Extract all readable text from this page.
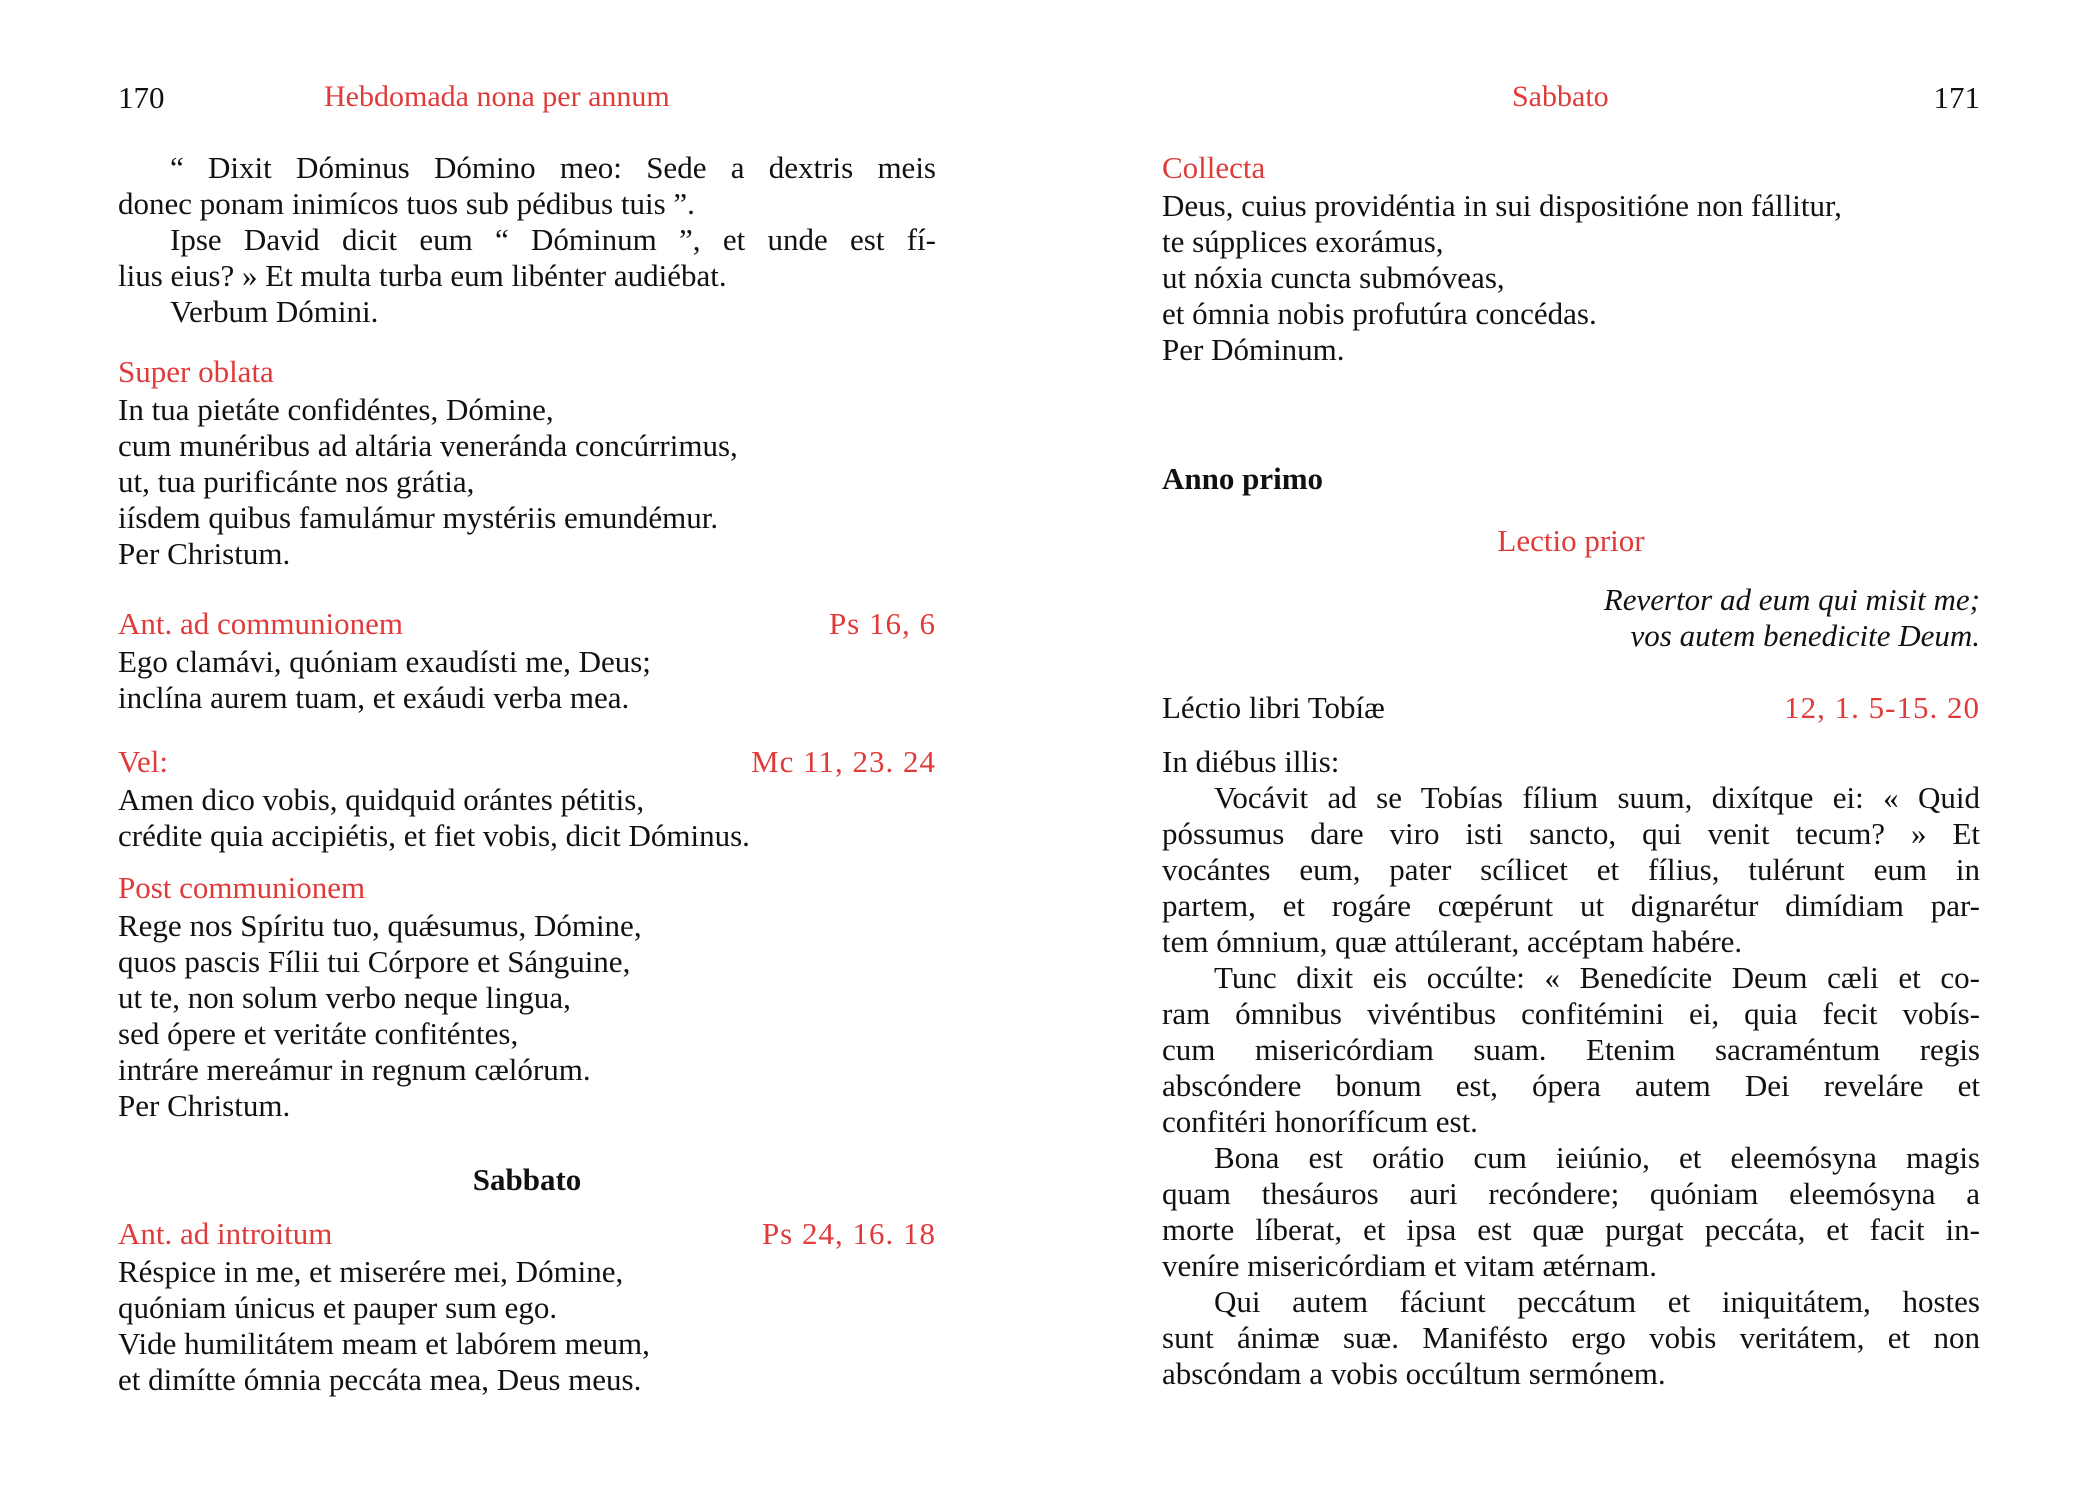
170	Hebdomada nona per annum
“ Dixit Dóminus Dómino meo: Sede a dextris meis
donec ponam inimícos tuos sub pédibus tuis ”.
Ipse David dicit eum “ Dóminum ”, et unde est fí-
lius eius? » Et multa turba eum libénter audiébat.
Verbum Dómini.
Super oblata
In tua pietáte confidéntes, Dómine,
cum munéribus ad altária veneránda concúrrimus,
ut, tua purificánte nos grátia,
iísdem quibus famulámur mystériis emundémur.
Per Christum.
Ant. ad communionem	Ps 16, 6
Ego clamávi, quóniam exaudísti me, Deus;
inclína aurem tuam, et exáudi verba mea.
Vel:	Mc 11, 23. 24
Amen dico vobis, quidquid orántes pétitis,
crédite quia accipiétis, et fiet vobis, dicit Dóminus.
Post communionem
Rege nos Spíritu tuo, quǽsumus, Dómine,
quos pascis Fílii tui Córpore et Sánguine,
ut te, non solum verbo neque lingua,
sed ópere et veritáte confiténtes,
intráre mereámur in regnum cælórum.
Per Christum.
Sabbato
Ant. ad introitum	Ps 24, 16. 18
Réspice in me, et miserére mei, Dómine,
quóniam únicus et pauper sum ego.
Vide humilitátem meam et labórem meum,
et dimítte ómnia peccáta mea, Deus meus.
Sabbato	171
Collecta
Deus, cuius providéntia in sui dispositióne non fállitur,
te súpplices exorámus,
ut nóxia cuncta submóveas,
et ómnia nobis profutúra concédas.
Per Dóminum.
Anno primo
Lectio prior
Revertor ad eum qui misit me;
vos autem benedicite Deum.
Léctio libri Tobíæ	12, 1. 5-15. 20
In diébus illis:
Vocávit ad se Tobías fílium suum, dixítque ei: « Quid
póssumus dare viro isti sancto, qui venit tecum? » Et
vocántes eum, pater scílicet et fílius, tulérunt eum in
partem, et rogáre cœpérunt ut dignarétur dimídiam par-
tem ómnium, quæ attúlerant, accéptam habére.
Tunc dixit eis occúlte: « Benedícite Deum cæli et co-
ram ómnibus vivéntibus confitémini ei, quia fecit vobís-
cum misericórdiam suam. Etenim sacraméntum regis
abscóndere bonum est, ópera autem Dei reveláre et
confitéri honorífícum est.
Bona est orátio cum ieiúnio, et eleemósyna magis
quam thesáuros auri recóndere; quóniam eleemósyna a
morte líberat, et ipsa est quæ purgat peccáta, et facit in-
veníre misericórdiam et vitam ætérnam.
Qui autem fáciunt peccátum et iniquitátem, hostes
sunt ánimæ suæ. Manifésto ergo vobis veritátem, et non
abscóndam a vobis occúltum sermónem.
